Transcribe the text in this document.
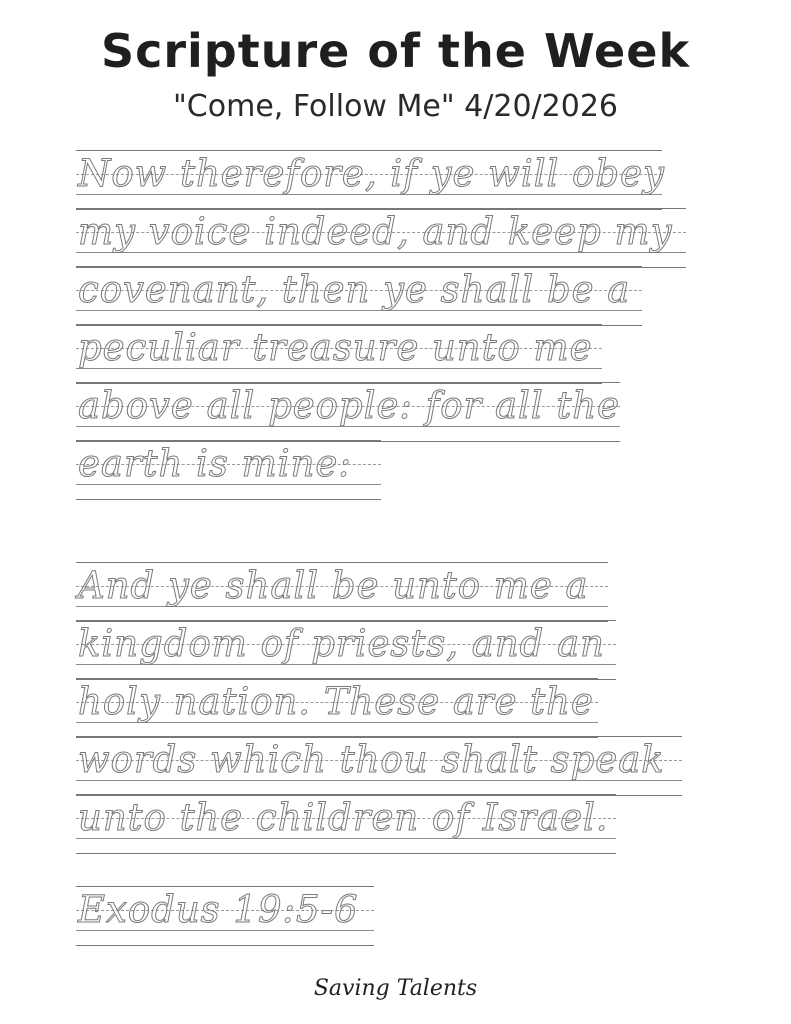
Scripture of the Week
"Come, Follow Me" 4/20/2026
Now therefore, if ye will obey
my voice indeed, and keep my
covenant, then ye shall be a
peculiar treasure unto me
above all people: for all the
earth is mine:
And ye shall be unto me a
kingdom of priests, and an
holy nation. These are the
words which thou shalt speak
unto the children of Israel.
Exodus 19:5-6
Saving Talents
